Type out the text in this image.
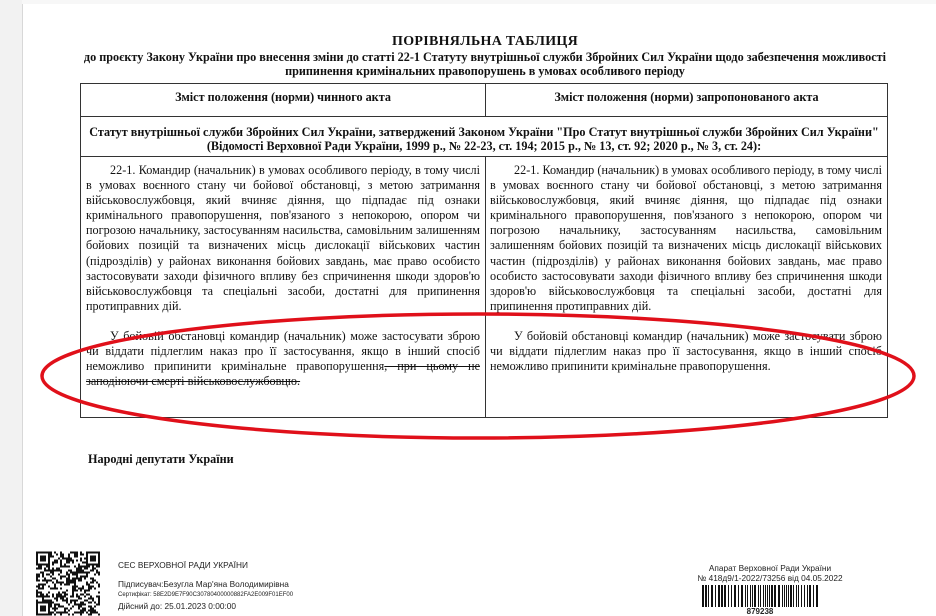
ПОРІВНЯЛЬНА ТАБЛИЦЯ
до проєкту Закону України про внесення зміни до статті 22-1 Статуту внутрішньої служби Збройних Сил України щодо забезпечення можливості припинення кримінальних правопорушень в умовах особливого періоду
Зміст положення (норми) чинного акта	Зміст положення (норми) запропонованого акта
Статут внутрішньої служби Збройних Сил України, затверджений Законом України "Про Статут внутрішньої служби Збройних Сил України" (Відомості Верховної Ради України, 1999 р., № 22-23, ст. 194; 2015 р., № 13, ст. 92; 2020 р., № 3, ст. 24):

22-1. Командир (начальник) в умовах особливого періоду, в тому числі в умовах воєнного стану чи бойової обстановці, з метою затримання військовослужбовця, який вчиняє діяння, що підпадає під ознаки кримінального правопорушення, пов'язаного з непокорою, опором чи погрозою начальнику, застосуванням насильства, самовільним залишенням бойових позицій та визначених місць дислокації військових частин (підрозділів) у районах виконання бойових завдань, має право особисто застосовувати заходи фізичного впливу без спричинення шкоди здоров'ю військовослужбовця та спеціальні засоби, достатні для припинення протиправних дій.

У бойовій обстановці командир (начальник) може застосувати зброю чи віддати підлеглим наказ про її застосування, якщо в інший спосіб неможливо припинити кримінальне правопорушення, при цьому не заподіюючи смерті військовослужбовцю.

22-1. Командир (начальник) в умовах особливого періоду, в тому числі в умовах воєнного стану чи бойової обстановці, з метою затримання військовослужбовця, який вчиняє діяння, що підпадає під ознаки кримінального правопорушення, пов'язаного з непокорою, опором чи погрозою начальнику, застосуванням насильства, самовільним залишенням бойових позицій та визначених місць дислокації військових частин (підрозділів) у районах виконання бойових завдань, має право особисто застосовувати заходи фізичного впливу без спричинення шкоди здоров'ю військовослужбовця та спеціальні засоби, достатні для припинення протиправних дій.

У бойовій обстановці командир (начальник) може застосувати зброю чи віддати підлеглим наказ про її застосування, якщо в інший спосіб неможливо припинити кримінальне правопорушення.

Народні депутати України
СЕС ВЕРХОВНОЇ РАДИ УКРАЇНИ
Підписувач:Безугла Мар'яна Володимирівна
Сертифікат: 58E2D9E7F90C30780400000882FA2E009F01EF00
Дійсний до: 25.01.2023 0:00:00
Апарат Верховної Ради України
№ 418д9/1-2022/73256 від 04.05.2022
879238
